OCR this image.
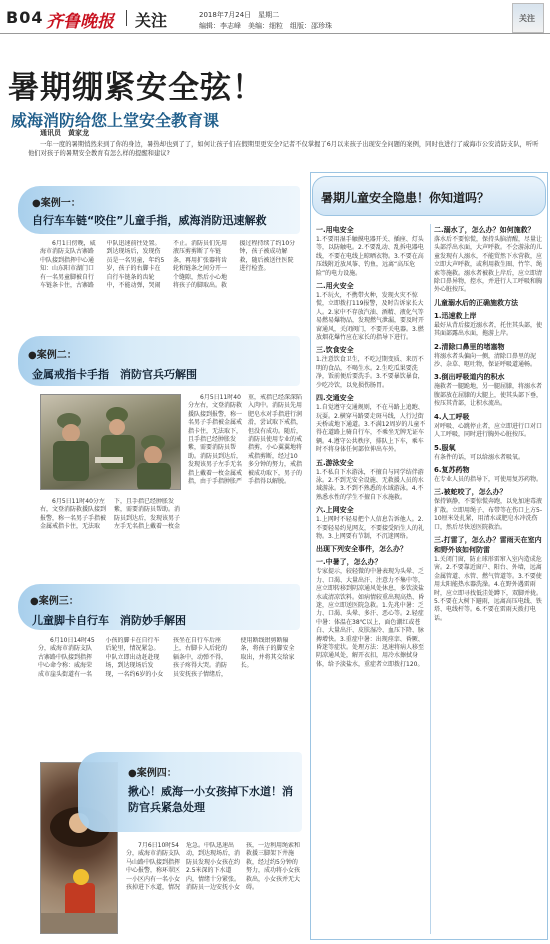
B04 齐鲁晚报 关注	2018年7月24日　星期二
编辑：李志峰　美编：细粒　组版：邵珍珠
关注
暑期绷紧安全弦！
威海消防给您上堂安全教育课
通讯员　黄家龙
一年一度的暑期悄然来到了你的身边，暑热却也到了了，如何让孩子们在假期里更安全?记者不仅掌握了6月以来孩子出现安全问题的案例，同时也进行了威海市公安消防支队，听听他们对孩子的暑期安全教育有怎么样的提醒和建议?
●案例一：
自行车车链“咬住”儿童手指，威海消防迅速解救
6月1日傍晚，威海市消防支队古寨路中队接到指挥中心通知：山东阳市湖门口有一名男童脚被自行车链条卡住，古寨路中队迅速前往处置。到达现场后，发现伤员是一名男童，年约5岁，孩子的右脚卡在自行车链条的齿轮中，不能动弹，哭闹不止。消防员们先用液压剪剪断了车链条，再用扩张器将齿轮和链条之间分开一个缝隙，然后小心地将孩子的脚取出。救援过程持续了约10分钟，孩子被成功解救，随后被送往医院进行检查。
●案例二：
金属戒指卡手指　消防官兵巧解围
6月5日11时40分左右，文登消防救援队接到报警，称一名男子手指被金属戒指卡住，无法取下，且手指已经肿胀发紫，需要消防员帮助。消防员到达后，发现该男子左手无名指上戴着一枚金属戒指，由于手指肿胀严重，戒指已经深深陷入肉中。消防员先用肥皂水对手指进行润滑，尝试取下戒指，但没有成功。随后，消防员使用专业的戒指剪，小心翼翼地将戒指剪断，经过10多分钟的努力，戒指被成功取下，男子的手指得以解脱。
6月5日11时40分左右，文登消防救援队接到报警，称一名男子手指被金属戒指卡住，无法取下，且手指已经肿胀发紫，需要消防员帮助。消防员到达后，发现该男子左手无名指上戴着一枚金
●案例三：
儿童脚卡自行车　消防妙手解困
6月10日14时45分，威海市消防支队古寨路中队接到指挥中心命令称：威海荣成市崖头街道有一名小孩的脚卡在自行车后轮里，情况紧急。中队立即出动赶赴现场，到达现场后发现，一名约6岁的小女孩坐在自行车后座上，右脚卡入后轮的辐条中，动弹不得，孩子疼得大哭。消防员安抚孩子情绪后，使用断线钳剪断辐条，将孩子的脚安全取出，并将其交给家长。
●案例四：
揪心！威海一小女孩掉下水道！消防官兵紧急处理
7月6日10时54分，威海市消防支队马山路中队接到指挥中心报警，称环翠区一小区内有一名小女孩掉进下水道，情况危急。中队迅速出动，到达现场后，消防员发现小女孩在约2.5米深的下水道内，情绪十分紧张。消防员一边安抚小女孩，一边利用绳索和救援三脚架下井施救，经过约5分钟的努力，成功将小女孩救出，小女孩并无大碍。
暑期儿童安全隐患！你知道吗？
一.用电安全
1.不要用湿手触摸电器开关、插座、灯头等，以防触电。2.不要乱动、乱拆电器电线，不要在电线上晾晒衣物。3.不要在高压线附近放风筝、钓鱼，远离“高压危险”的电力设施。
二.用火安全
1.不玩火，不携带火种，发现火灾不惊慌，立即拨打119报警，及时告诉家长大人。2.家中不存放汽油、酒精、液化气等易燃易爆物品，发现燃气泄漏，要及时开窗通风，关闭阀门，不要开关电器。3.燃放烟花爆竹应在家长的指导下进行。
三.饮食安全
1.注意饮食卫生，不吃过期变质、来历不明的食品，不喝生水。2.生吃瓜果要洗净，饭前便后要洗手。3.不要暴饮暴食，少吃冷饮，以免损伤肠胃。
四.交通安全
1.自觉遵守交通规则，不在马路上追跑、玩耍。2.横穿马路要走斑马线，人行过街天桥或地下通道。3.不满12周岁的儿童不得在道路上骑自行车，不乘坐无牌无证车辆。4.遵守公共秩序，排队上下车，乘车时不将身体任何部位伸出车外。
五.游泳安全
1.不私自下水游泳，不擅自与同学结伴游泳。2.不到无安全设施、无救援人员的水域游泳。3.不到不熟悉的水域游泳。4.不熟悉水性的学生不擅自下水施救。
六.上网安全
1.上网时不轻易把个人信息告诉他人。2.不要轻易约见网友，不要接受陌生人的礼物。3.上网要有节制，不沉迷网络。
出现下列安全事件，怎么办？
一.中暑了，怎么办？
专家提示，较轻微的中暑表现为头晕、乏力、口渴、大量出汗、注意力不集中等，应立即转移到阴凉通风处休息，多饮淡盐水或清凉饮料。如病情较重出现高热、昏迷，应立即送医院急救。1.先兆中暑：乏力、口渴、头晕、多汗、恶心等。2.轻症中暑：体温在38℃以上，面色潮红或苍白、大量出汗、皮肤湿冷、血压下降、脉搏增快。3.重症中暑：出现痉挛、昏厥、昏迷等症状。处理方法：迅速将病人移至阴凉通风处，解开衣扣，用冷水擦拭身体，给予淡盐水，重症者立即拨打120。
二.溺水了，怎么办？如何施救？
落水后不要惊慌，保持头脑清醒，尽量让头部浮出水面，大声呼救。不会游泳的儿童发现有人溺水，不能贸然下水营救，应立即大声呼救，或利用救生圈、竹竿、绳索等施救。溺水者被救上岸后，应立即清除口鼻异物，控水，并进行人工呼吸和胸外心脏按压。
儿童溺水后的正确施救方法
1.迅速救上岸
最好从背后接近溺水者，托住其头部，使其面部露出水面，拖游上岸。
2.清除口鼻里的堵塞物
将溺水者头偏向一侧，清除口鼻里的泥沙、杂草、呕吐物，保证呼吸道通畅。
3.倒出呼吸道内的积水
施救者一腿跪地，另一腿屈膝，将溺水者腹部放在屈膝的大腿上，使其头部下垂，按压其背部，让积水流出。
4.人工呼吸
对呼吸、心跳停止者，应立即进行口对口人工呼吸，同时进行胸外心脏按压。
5.服氧
有条件的话，可以给溺水者吸氧。
6.复苏药物
在专业人员的指导下，可使用复苏药物。
三.被蛇咬了，怎么办？
保持镇静，不要惊慌奔跑，以免加速毒液扩散。立即用绳子、布带等在伤口上方5-10厘米处扎紧，用清水或肥皂水冲洗伤口，然后尽快送医院救治。
三.打雷了，怎么办？雷雨天在室内和野外该如何防雷
1.关闭门窗，防止球形雷窜入室内造成危害。2.不要靠近窗户、阳台、外墙，远离金属管道、水管、燃气管道等。3.不要使用太阳能热水器洗澡。4.在野外遇雷雨时，应立即寻找低洼处蹲下，双脚并拢。5.不要在大树下避雨，远离高压电线、铁塔、电线杆等。6.不要在雷雨天拨打电话。
